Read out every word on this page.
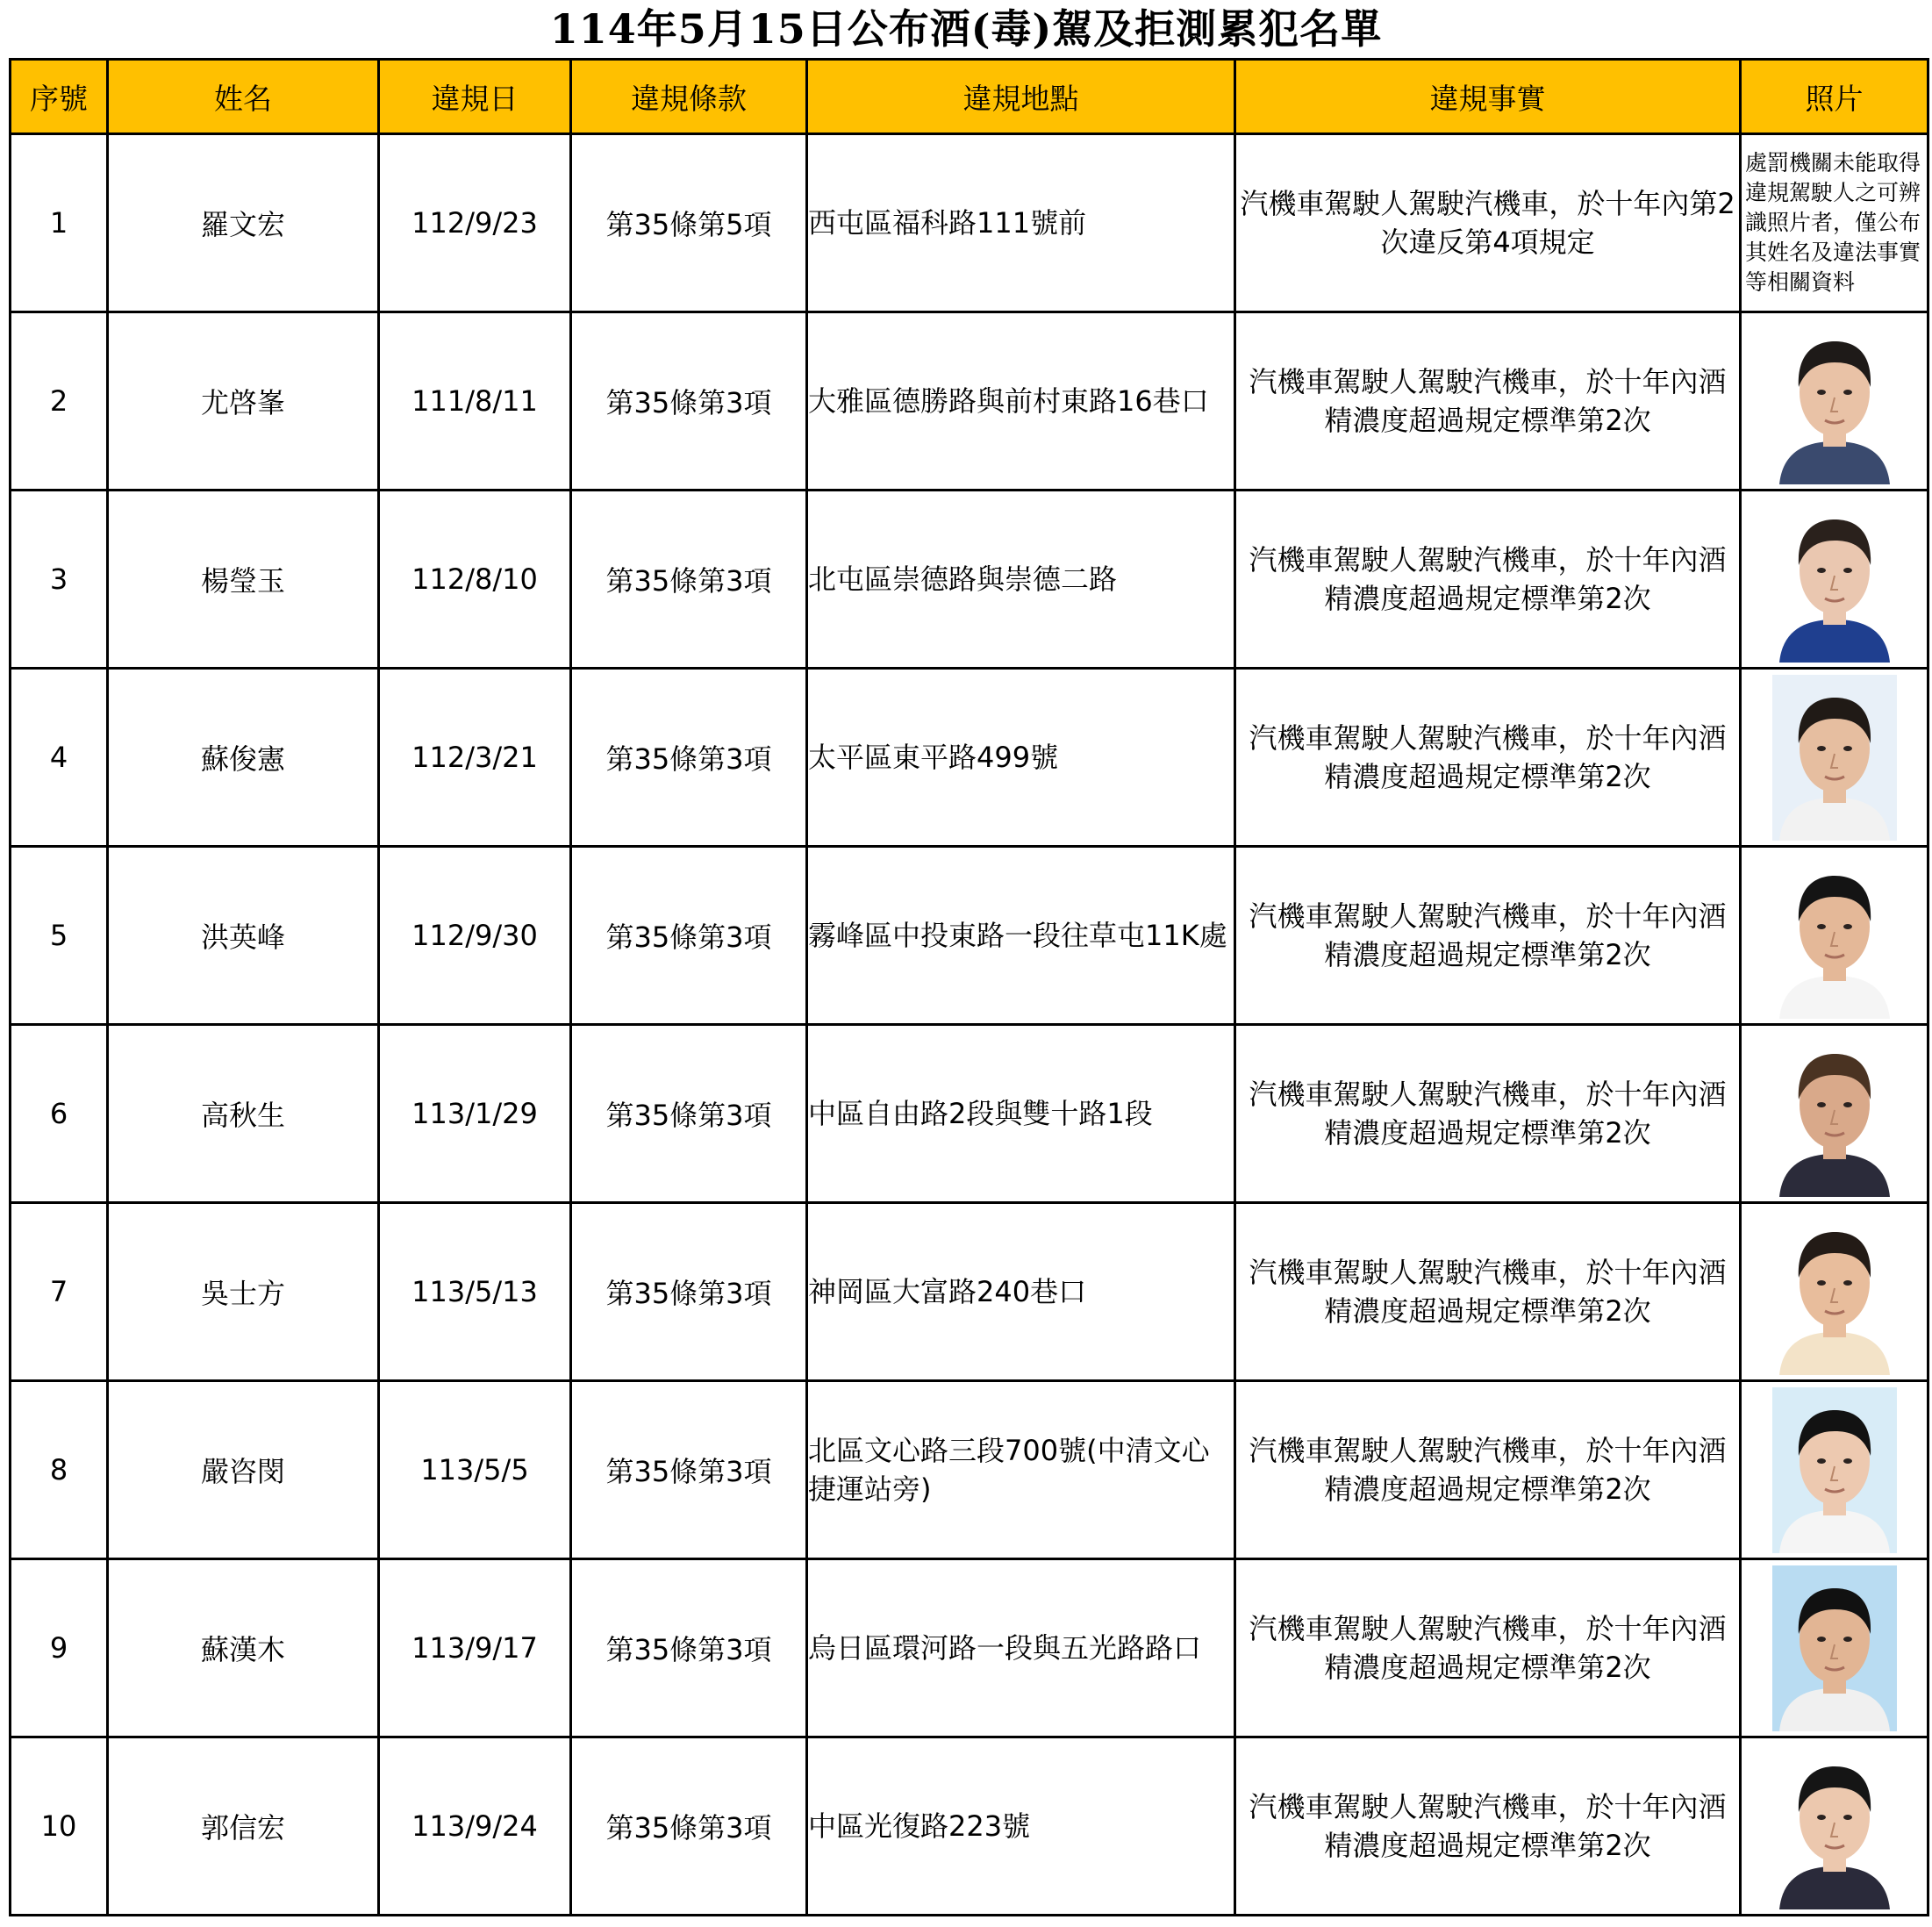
114年5月15日公布酒(毒)駕及拒測累犯名單
序號	姓名	違規日	違規條款	違規地點	違規事實	照片
1	羅文宏	112/9/23	第35條第5項	西屯區福科路111號前	汽機車駕駛人駕駛汽機車，於十年內第2次違反第4項規定	處罰機關未能取得違規駕駛人之可辨識照片者，僅公布 其姓名及違法事實等相關資料

2	尤啓峯	111/8/11	第35條第3項	大雅區德勝路與前村東路16巷口	汽機車駕駛人駕駛汽機車，於十年內酒精濃度超過規定標準第2次	

3	楊瑩玉	112/8/10	第35條第3項	北屯區崇德路與崇德二路	汽機車駕駛人駕駛汽機車，於十年內酒精濃度超過規定標準第2次	

4	蘇俊憲	112/3/21	第35條第3項	太平區東平路499號	汽機車駕駛人駕駛汽機車，於十年內酒精濃度超過規定標準第2次	

5	洪英峰	112/9/30	第35條第3項	霧峰區中投東路一段往草屯11K處	汽機車駕駛人駕駛汽機車，於十年內酒精濃度超過規定標準第2次	

6	高秋生	113/1/29	第35條第3項	中區自由路2段與雙十路1段	汽機車駕駛人駕駛汽機車，於十年內酒精濃度超過規定標準第2次	

7	吳士方	113/5/13	第35條第3項	神岡區大富路240巷口	汽機車駕駛人駕駛汽機車，於十年內酒精濃度超過規定標準第2次	

8	嚴咨閔	113/5/5	第35條第3項	北區文心路三段700號(中清文心捷運站旁)	汽機車駕駛人駕駛汽機車，於十年內酒精濃度超過規定標準第2次	

9	蘇漢木	113/9/17	第35條第3項	烏日區環河路一段與五光路路口	汽機車駕駛人駕駛汽機車，於十年內酒精濃度超過規定標準第2次	

10	郭信宏	113/9/24	第35條第3項	中區光復路223號	汽機車駕駛人駕駛汽機車，於十年內酒精濃度超過規定標準第2次	
